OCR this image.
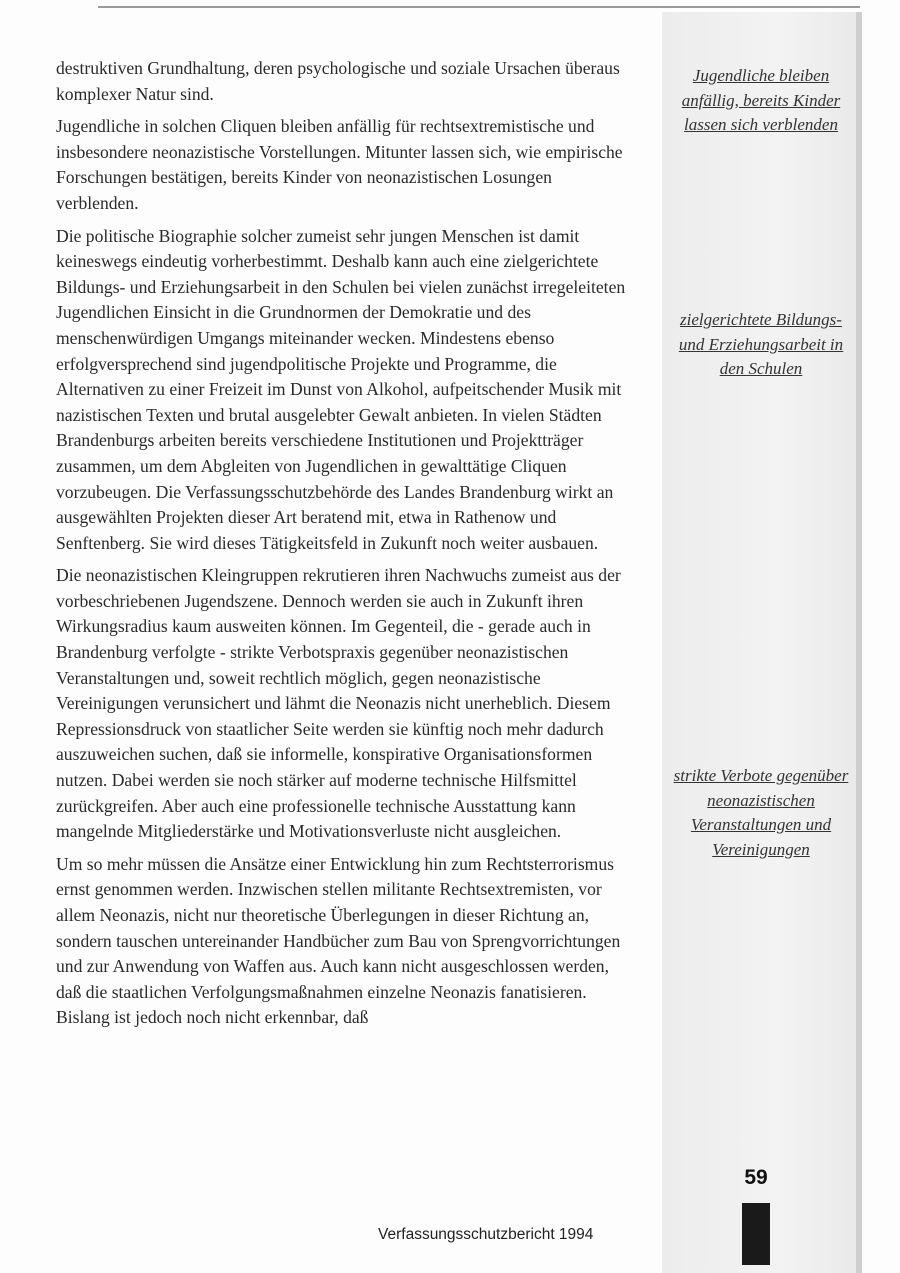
destruktiven Grundhaltung, deren psychologische und soziale Ursachen überaus komplexer Natur sind.

Jugendliche in solchen Cliquen bleiben anfällig für rechtsextremistische und insbesondere neonazistische Vorstellungen. Mitunter lassen sich, wie empirische Forschungen bestätigen, bereits Kinder von neonazistischen Losungen verblenden.

Die politische Biographie solcher zumeist sehr jungen Menschen ist damit keineswegs eindeutig vorherbestimmt. Deshalb kann auch eine zielgerichtete Bildungs- und Erziehungsarbeit in den Schulen bei vielen zunächst irregeleiteten Jugendlichen Einsicht in die Grundnormen der Demokratie und des menschenwürdigen Umgangs miteinander wecken. Mindestens ebenso erfolgversprechend sind jugendpolitische Projekte und Programme, die Alternativen zu einer Freizeit im Dunst von Alkohol, aufpeitschender Musik mit nazistischen Texten und brutal ausgelebter Gewalt anbieten. In vielen Städten Brandenburgs arbeiten bereits verschiedene Institutionen und Projektträger zusammen, um dem Abgleiten von Jugendlichen in gewalttätige Cliquen vorzubeugen. Die Verfassungsschutzbehörde des Landes Brandenburg wirkt an ausgewählten Projekten dieser Art beratend mit, etwa in Rathenow und Senftenberg. Sie wird dieses Tätigkeitsfeld in Zukunft noch weiter ausbauen.

Die neonazistischen Kleingruppen rekrutieren ihren Nachwuchs zumeist aus der vorbeschriebenen Jugendszene. Dennoch werden sie auch in Zukunft ihren Wirkungsradius kaum ausweiten können. Im Gegenteil, die - gerade auch in Brandenburg verfolgte - strikte Verbotspraxis gegenüber neonazistischen Veranstaltungen und, soweit rechtlich möglich, gegen neonazistische Vereinigungen verunsichert und lähmt die Neonazis nicht unerheblich. Diesem Repressionsdruck von staatlicher Seite werden sie künftig noch mehr dadurch auszuweichen suchen, daß sie informelle, konspirative Organisationsformen nutzen. Dabei werden sie noch stärker auf moderne technische Hilfsmittel zurückgreifen. Aber auch eine professionelle technische Ausstattung kann mangelnde Mitgliederstärke und Motivationsverluste nicht ausgleichen.

Um so mehr müssen die Ansätze einer Entwicklung hin zum Rechtsterrorismus ernst genommen werden. Inzwischen stellen militante Rechtsextremisten, vor allem Neonazis, nicht nur theoretische Überlegungen in dieser Richtung an, sondern tauschen untereinander Handbücher zum Bau von Sprengvorrichtungen und zur Anwendung von Waffen aus. Auch kann nicht ausgeschlossen werden, daß die staatlichen Verfolgungsmaßnahmen einzelne Neonazis fanatisieren. Bislang ist jedoch noch nicht erkennbar, daß

Jugendliche bleiben anfällig, bereits Kinder lassen sich verblenden
zielgerichtete Bildungs- und Erziehungsarbeit in den Schulen
strikte Verbote gegenüber neonazistischen Veranstaltungen und Vereinigungen
59
Verfassungsschutzbericht 1994
